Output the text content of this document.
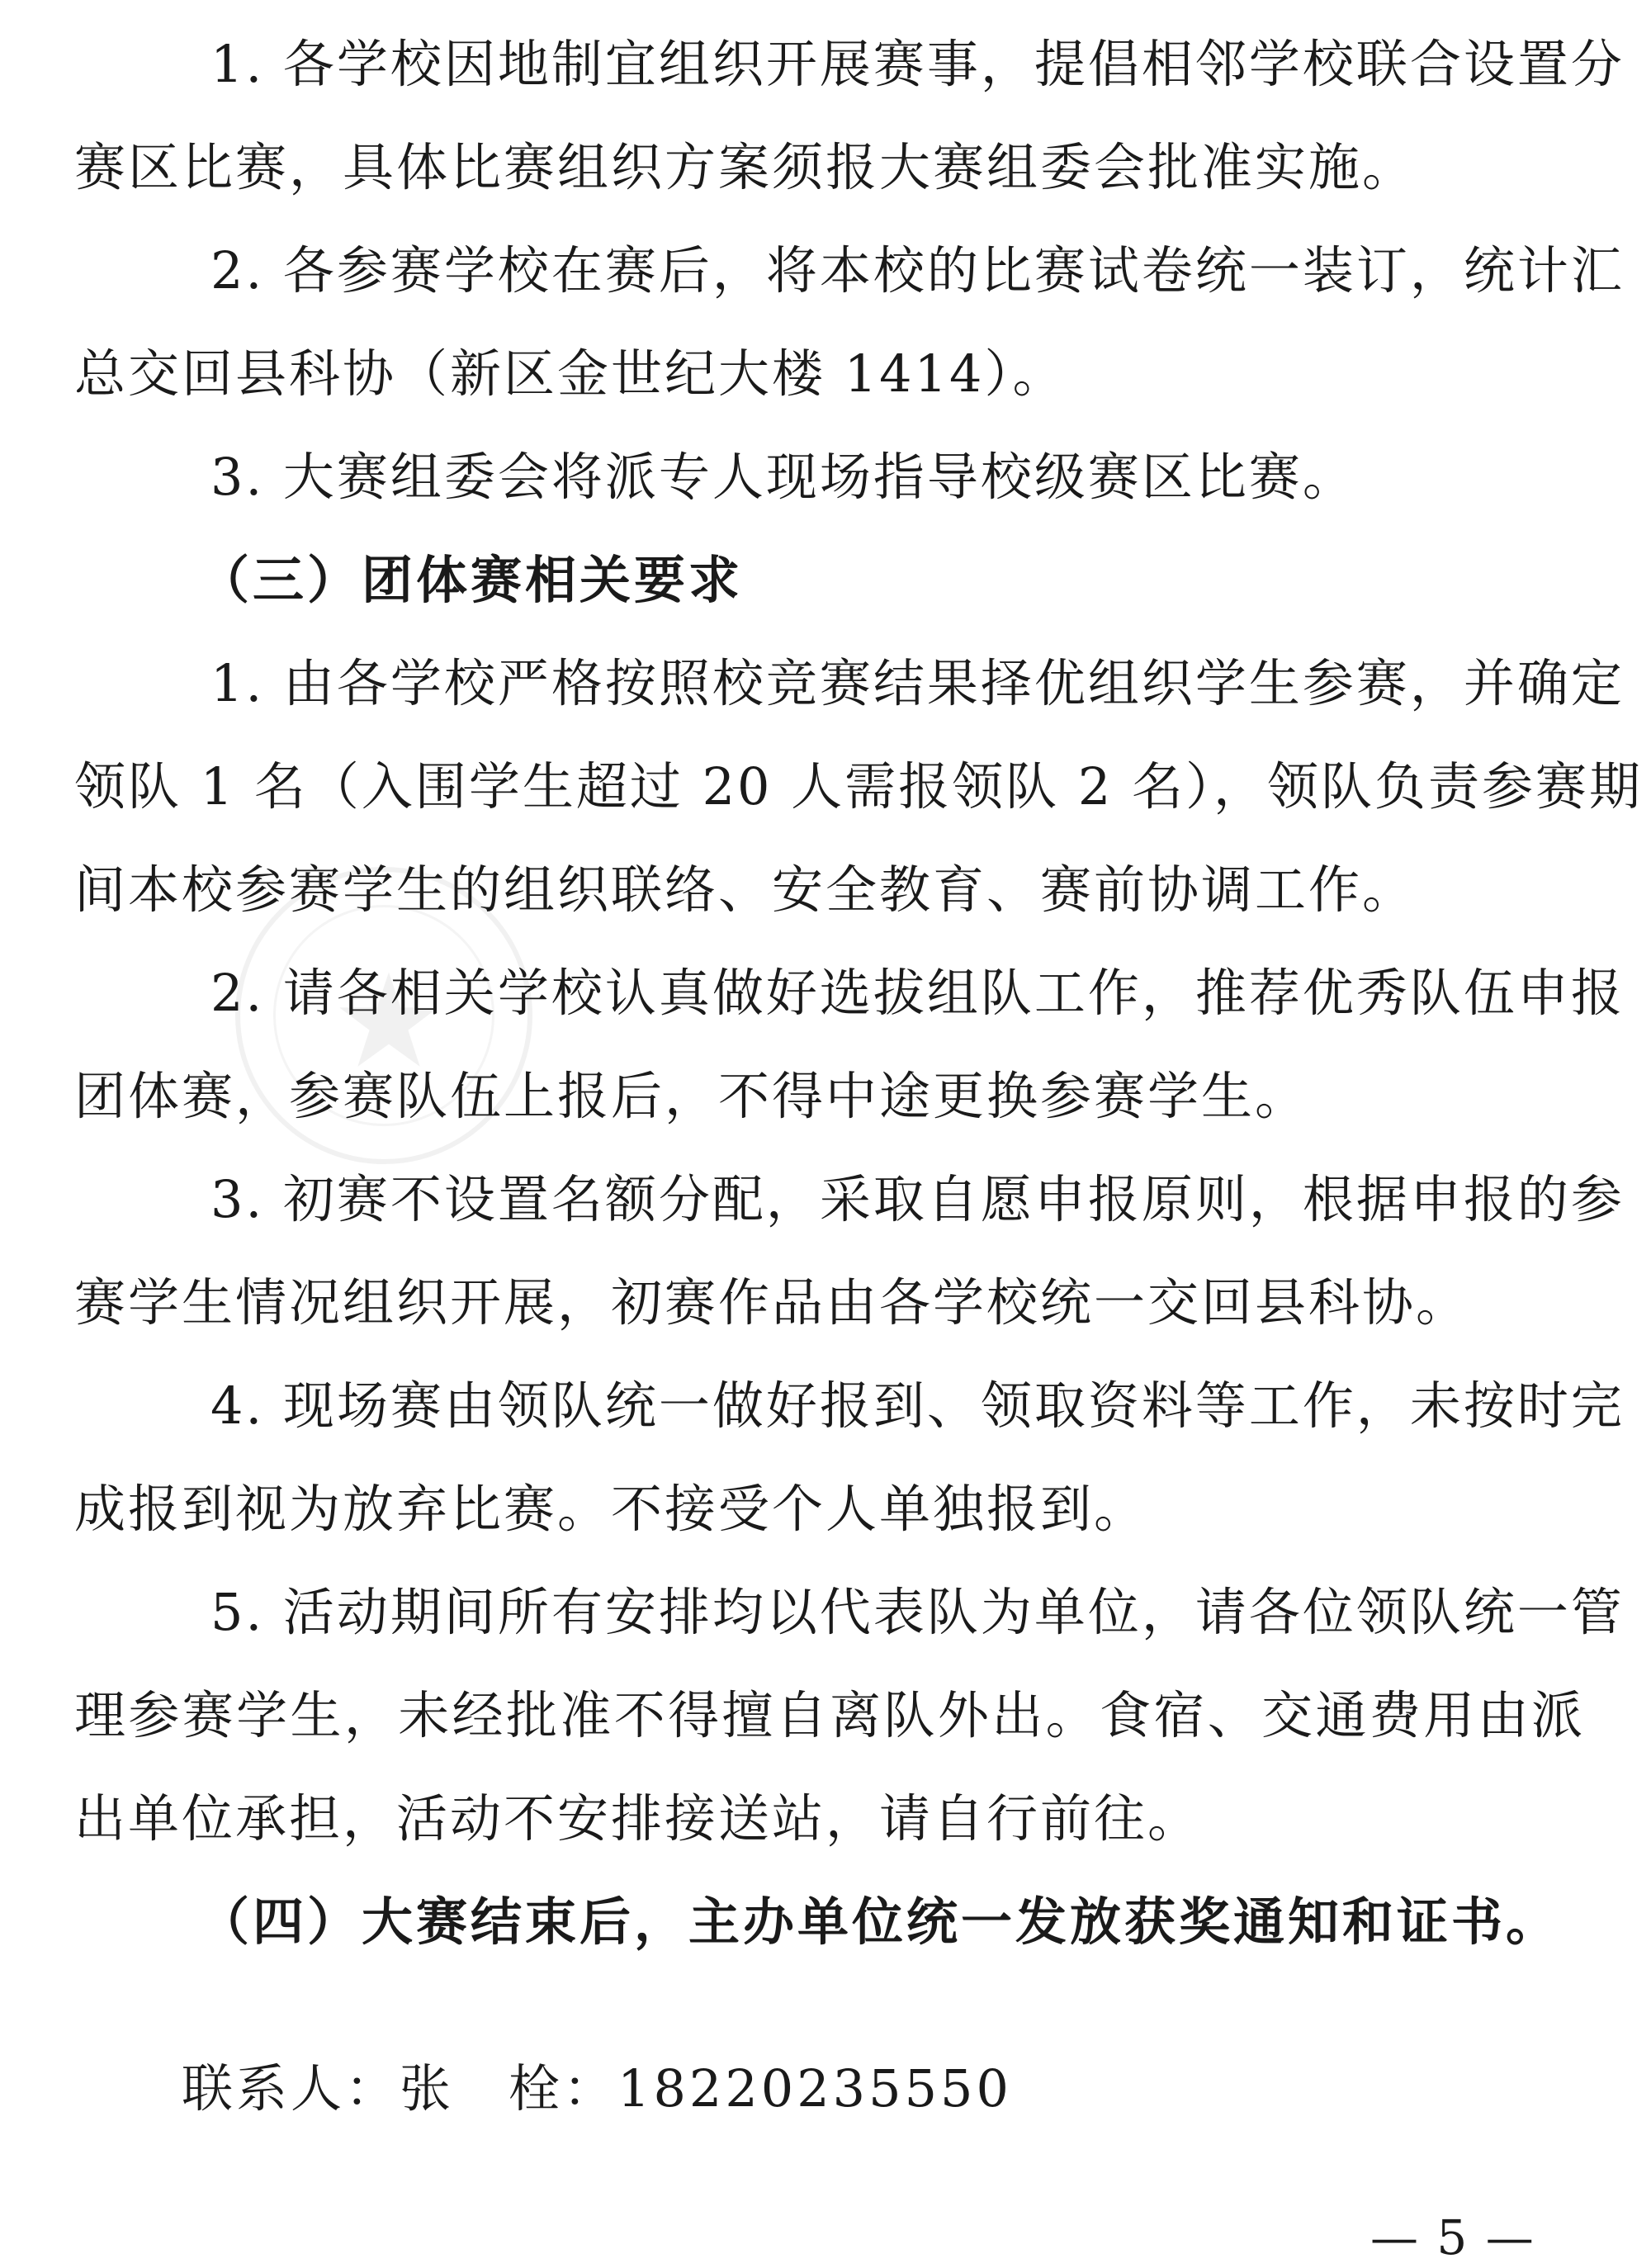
1. 各学校因地制宜组织开展赛事，提倡相邻学校联合设置分

赛区比赛，具体比赛组织方案须报大赛组委会批准实施。

2. 各参赛学校在赛后，将本校的比赛试卷统一装订，统计汇

总交回县科协（新区金世纪大楼 1414）。

3. 大赛组委会将派专人现场指导校级赛区比赛。

（三）团体赛相关要求

1. 由各学校严格按照校竞赛结果择优组织学生参赛，并确定

领队 1 名（入围学生超过 20 人需报领队 2 名），领队负责参赛期

间本校参赛学生的组织联络、安全教育、赛前协调工作。

2. 请各相关学校认真做好选拔组队工作，推荐优秀队伍申报

团体赛，参赛队伍上报后，不得中途更换参赛学生。

3. 初赛不设置名额分配，采取自愿申报原则，根据申报的参

赛学生情况组织开展，初赛作品由各学校统一交回县科协。

4. 现场赛由领队统一做好报到、领取资料等工作，未按时完

成报到视为放弃比赛。不接受个人单独报到。

5. 活动期间所有安排均以代表队为单位，请各位领队统一管

理参赛学生，未经批准不得擅自离队外出。食宿、交通费用由派

出单位承担，活动不安排接送站，请自行前往。

（四）大赛结束后，主办单位统一发放获奖通知和证书。

联系人：张　栓：18220235550

— 5 —
